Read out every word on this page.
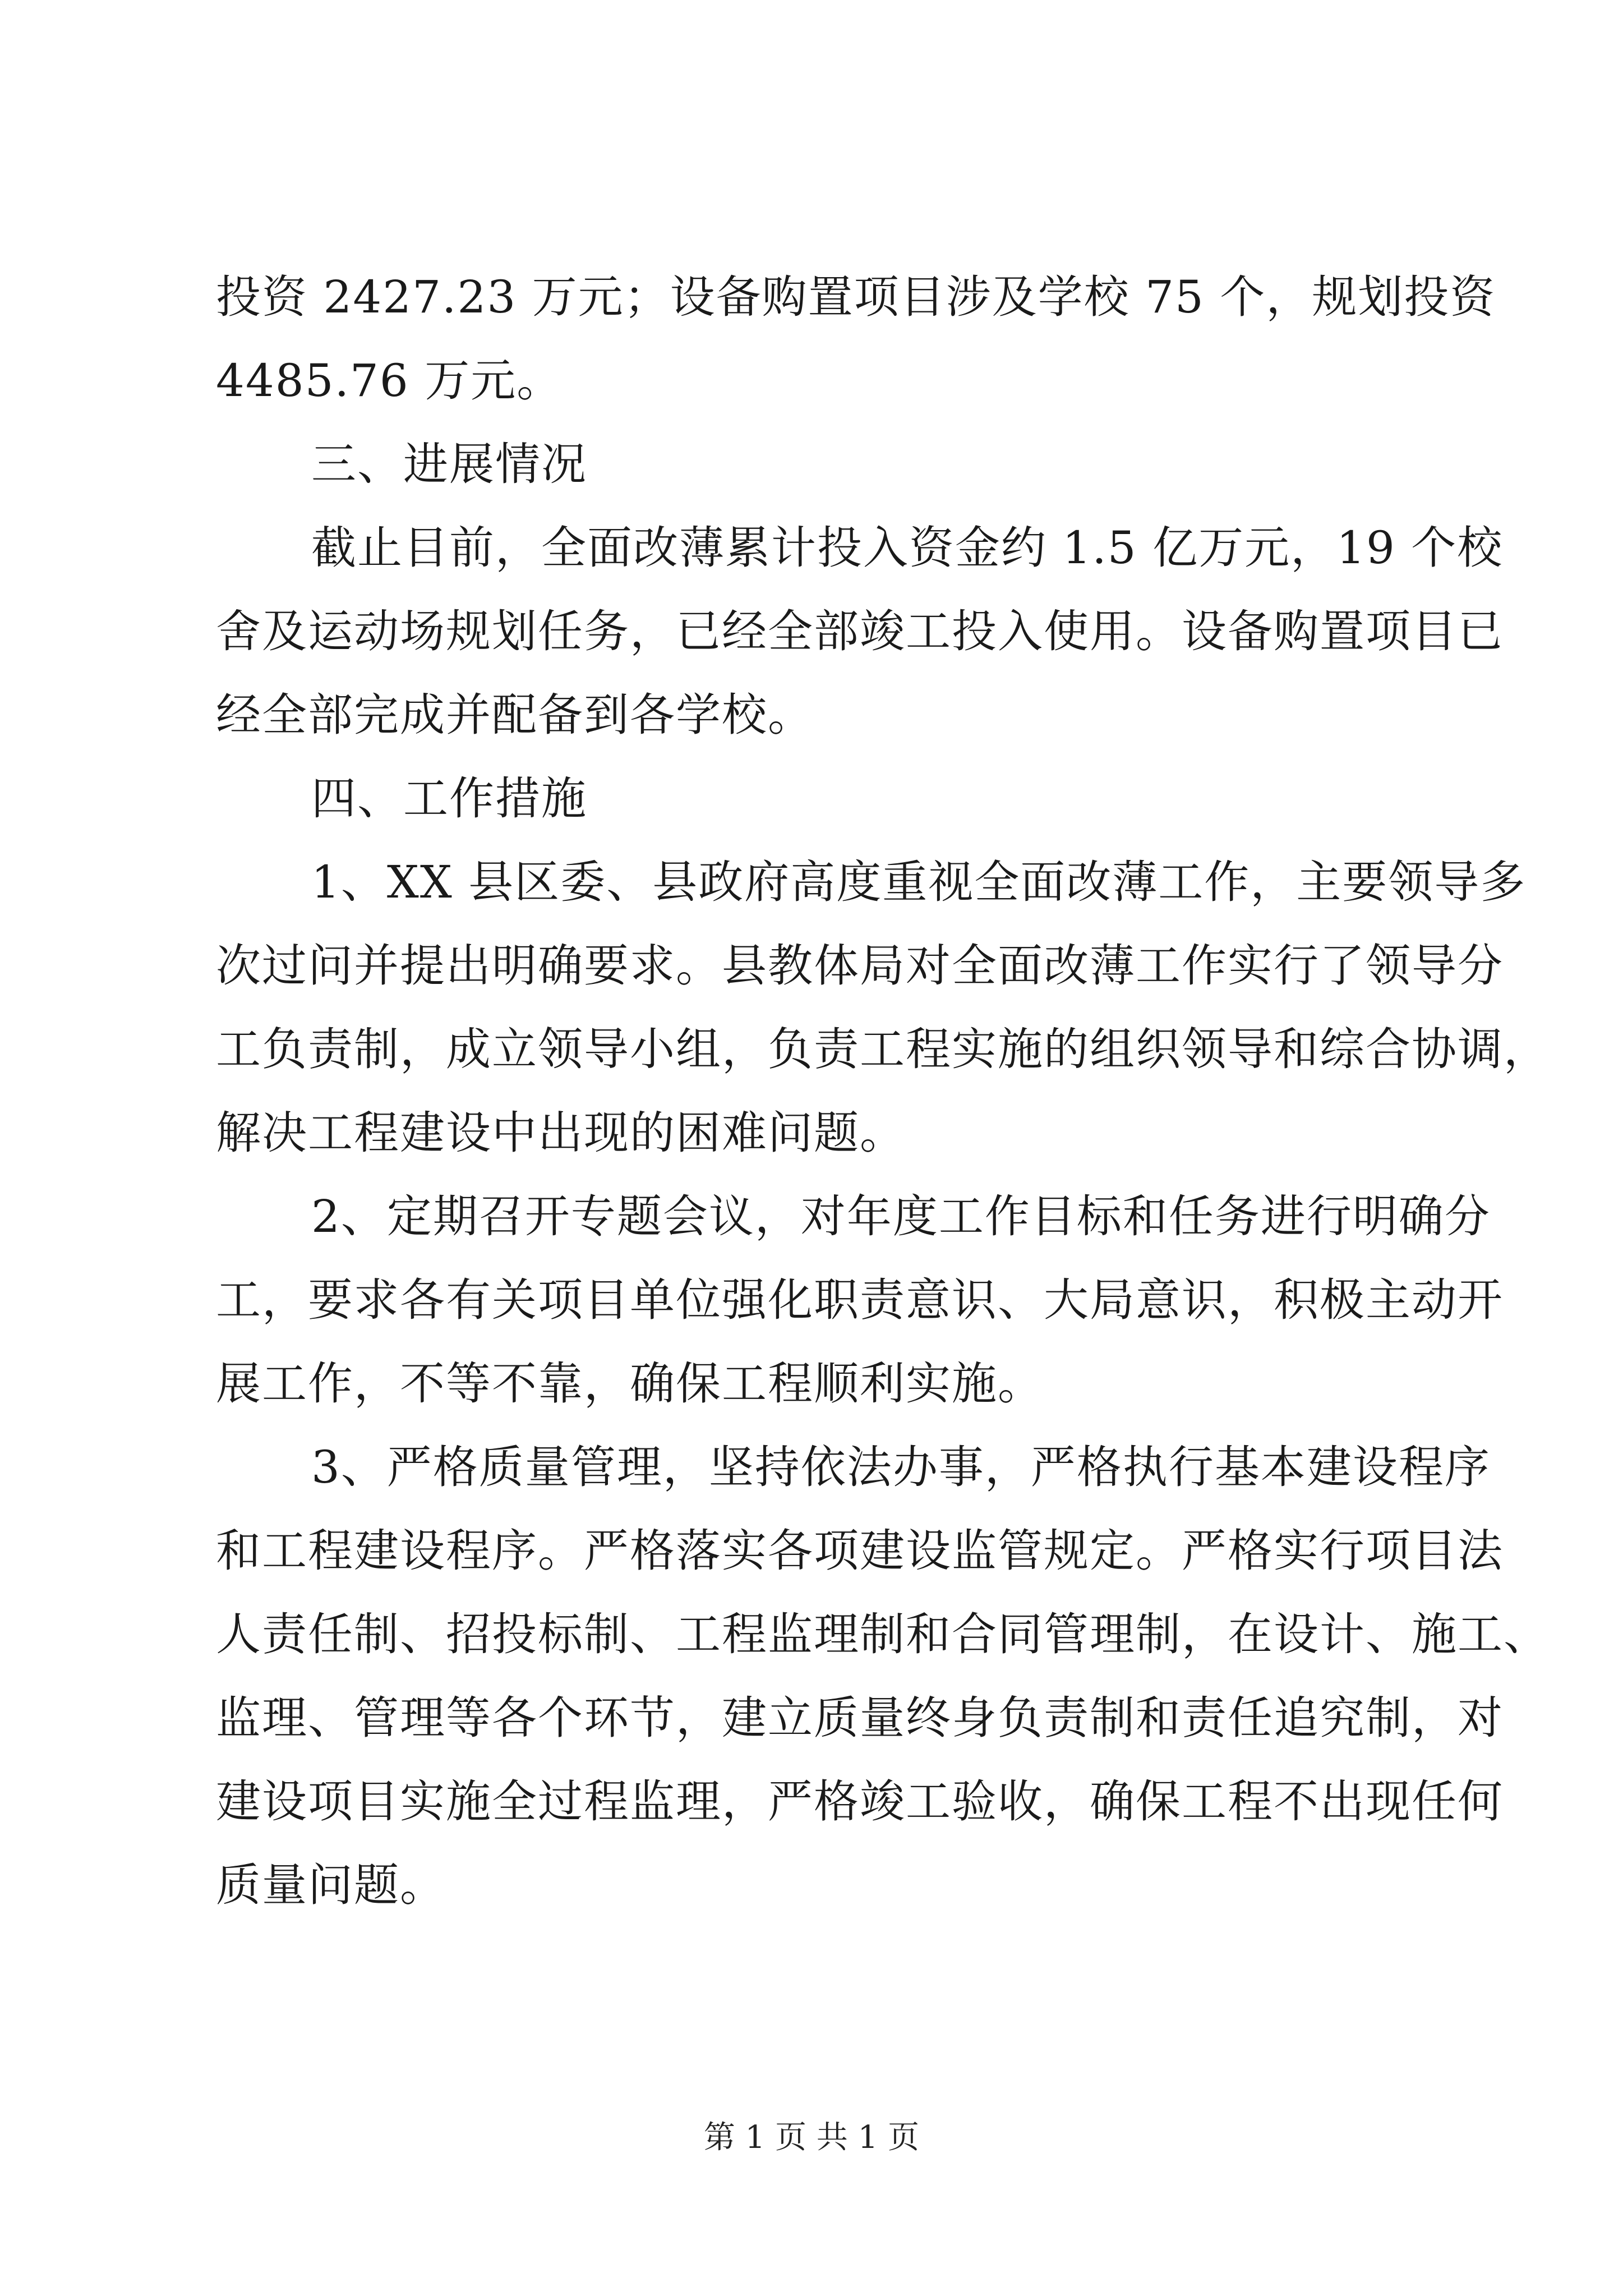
投资 2427.23 万元；设备购置项目涉及学校 75 个，规划投资
4485.76 万元。
三、进展情况
截止目前，全面改薄累计投入资金约 1.5 亿万元，19 个校
舍及运动场规划任务，已经全部竣工投入使用。设备购置项目已
经全部完成并配备到各学校。
四、工作措施
1、XX 县区委、县政府高度重视全面改薄工作，主要领导多
次过问并提出明确要求。县教体局对全面改薄工作实行了领导分
工负责制，成立领导小组，负责工程实施的组织领导和综合协调，
解决工程建设中出现的困难问题。
2、定期召开专题会议，对年度工作目标和任务进行明确分
工，要求各有关项目单位强化职责意识、大局意识，积极主动开
展工作，不等不靠，确保工程顺利实施。
3、严格质量管理，坚持依法办事，严格执行基本建设程序
和工程建设程序。严格落实各项建设监管规定。严格实行项目法
人责任制、招投标制、工程监理制和合同管理制，在设计、施工、
监理、管理等各个环节，建立质量终身负责制和责任追究制，对
建设项目实施全过程监理，严格竣工验收，确保工程不出现任何
质量问题。
第 1 页 共 1 页
